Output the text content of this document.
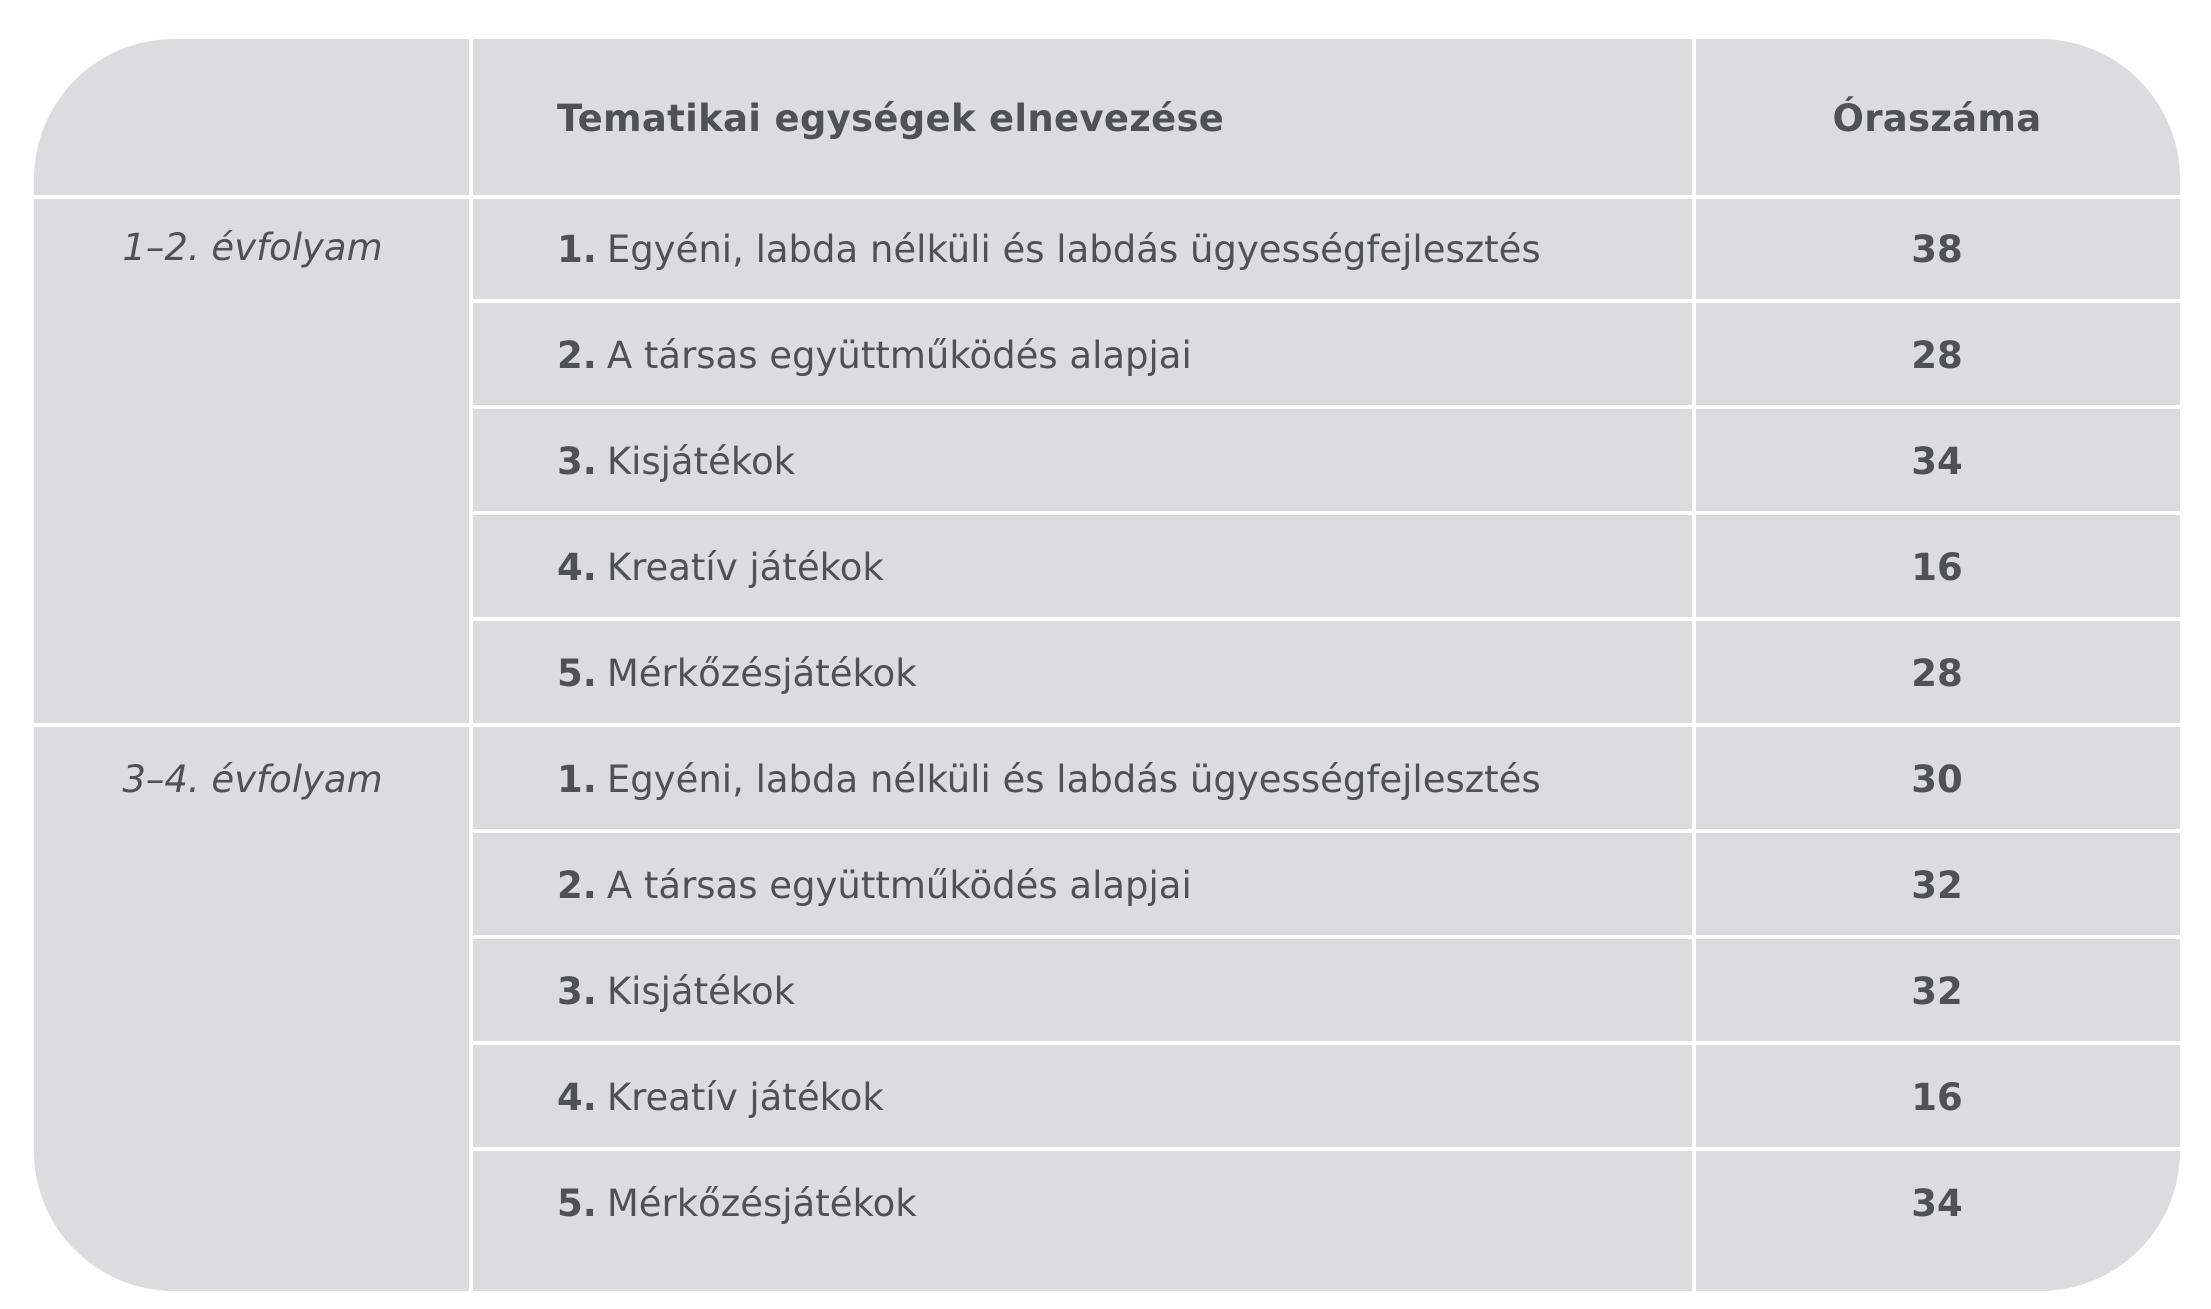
Tematikai egységek elnevezése	Óraszáma
1–2. évfolyam	1. Egyéni, labda nélküli és labdás ügyességfejlesztés	38
2. A társas együttműködés alapjai	28
3. Kisjátékok	34
4. Kreatív játékok	16
5. Mérkőzésjátékok	28
3–4. évfolyam	1. Egyéni, labda nélküli és labdás ügyességfejlesztés	30
2. A társas együttműködés alapjai	32
3. Kisjátékok	32
4. Kreatív játékok	16
5. Mérkőzésjátékok	34
